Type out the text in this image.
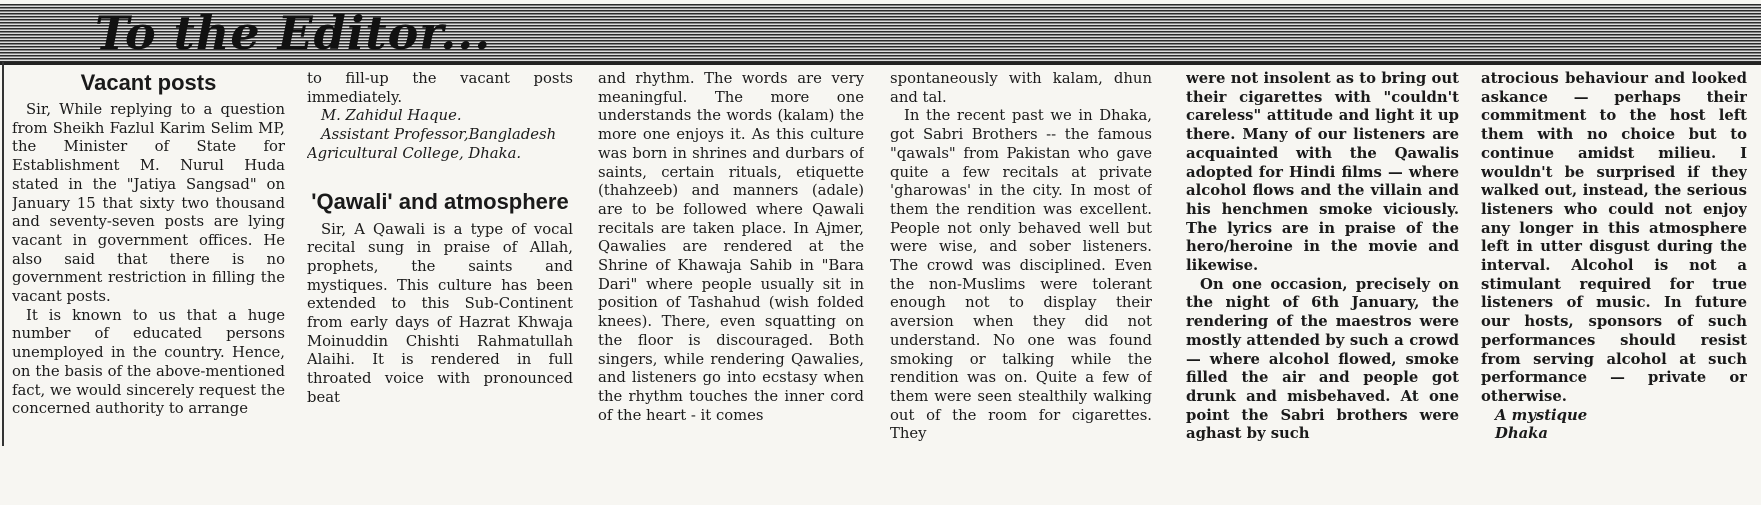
To the Editor...
Vacant posts

Sir, While replying to a question from Sheikh Fazlul Karim Selim MP, the Minister of State for Establishment M. Nurul Huda stated in the "Jatiya Sangsad" on January 15 that sixty two thousand and seventy-seven posts are lying vacant in government offices. He also said that there is no government restriction in filling the vacant posts.

It is known to us that a huge number of educated persons unemployed in the country. Hence, on the basis of the above-mentioned fact, we would sincerely request the concerned authority to arrange

to fill-up the vacant posts immediately.

M. Zahidul Haque.

Assistant Professor,Bangladesh Agricultural College, Dhaka.

'Qawali' and atmosphere

Sir, A Qawali is a type of vocal recital sung in praise of Allah, prophets, the saints and mystiques. This culture has been extended to this Sub-Continent from early days of Hazrat Khwaja Moinuddin Chishti Rahmatullah Alaihi. It is rendered in full throated voice with pronounced beat

and rhythm. The words are very meaningful. The more one understands the words (kalam) the more one enjoys it. As this culture was born in shrines and durbars of saints, certain rituals, etiquette (thahzeeb) and manners (adale) are to be followed where Qawali recitals are taken place. In Ajmer, Qawalies are rendered at the Shrine of Khawaja Sahib in "Bara Dari" where people usually sit in position of Tashahud (wish folded knees). There, even squatting on the floor is discouraged. Both singers, while rendering Qawalies, and listeners go into ecstasy when the rhythm touches the inner cord of the heart - it comes

spontaneously with kalam, dhun and tal.

In the recent past we in Dhaka, got Sabri Brothers -- the famous "qawals" from Pakistan who gave quite a few recitals at private 'gharowas' in the city. In most of them the rendition was excellent. People not only behaved well but were wise, and sober listeners. The crowd was disciplined. Even the non-Muslims were tolerant enough not to display their aversion when they did not understand. No one was found smoking or talking while the rendition was on. Quite a few of them were seen stealthily walking out of the room for cigarettes. They

were not insolent as to bring out their cigarettes with "couldn't careless" attitude and light it up there. Many of our listeners are acquainted with the Qawalis adopted for Hindi films — where alcohol flows and the villain and his henchmen smoke viciously. The lyrics are in praise of the hero/heroine in the movie and likewise.

On one occasion, precisely on the night of 6th January, the rendering of the maestros were mostly attended by such a crowd — where alcohol flowed, smoke filled the air and people got drunk and misbehaved. At one point the Sabri brothers were aghast by such

atrocious behaviour and looked askance — perhaps their commitment to the host left them with no choice but to continue amidst milieu. I wouldn't be surprised if they walked out, instead, the serious listeners who could not enjoy any longer in this atmosphere left in utter disgust during the interval. Alcohol is not a stimulant required for true listeners of music. In future our hosts, sponsors of such performances should resist from serving alcohol at such performance — private or otherwise.

A mystique

Dhaka
